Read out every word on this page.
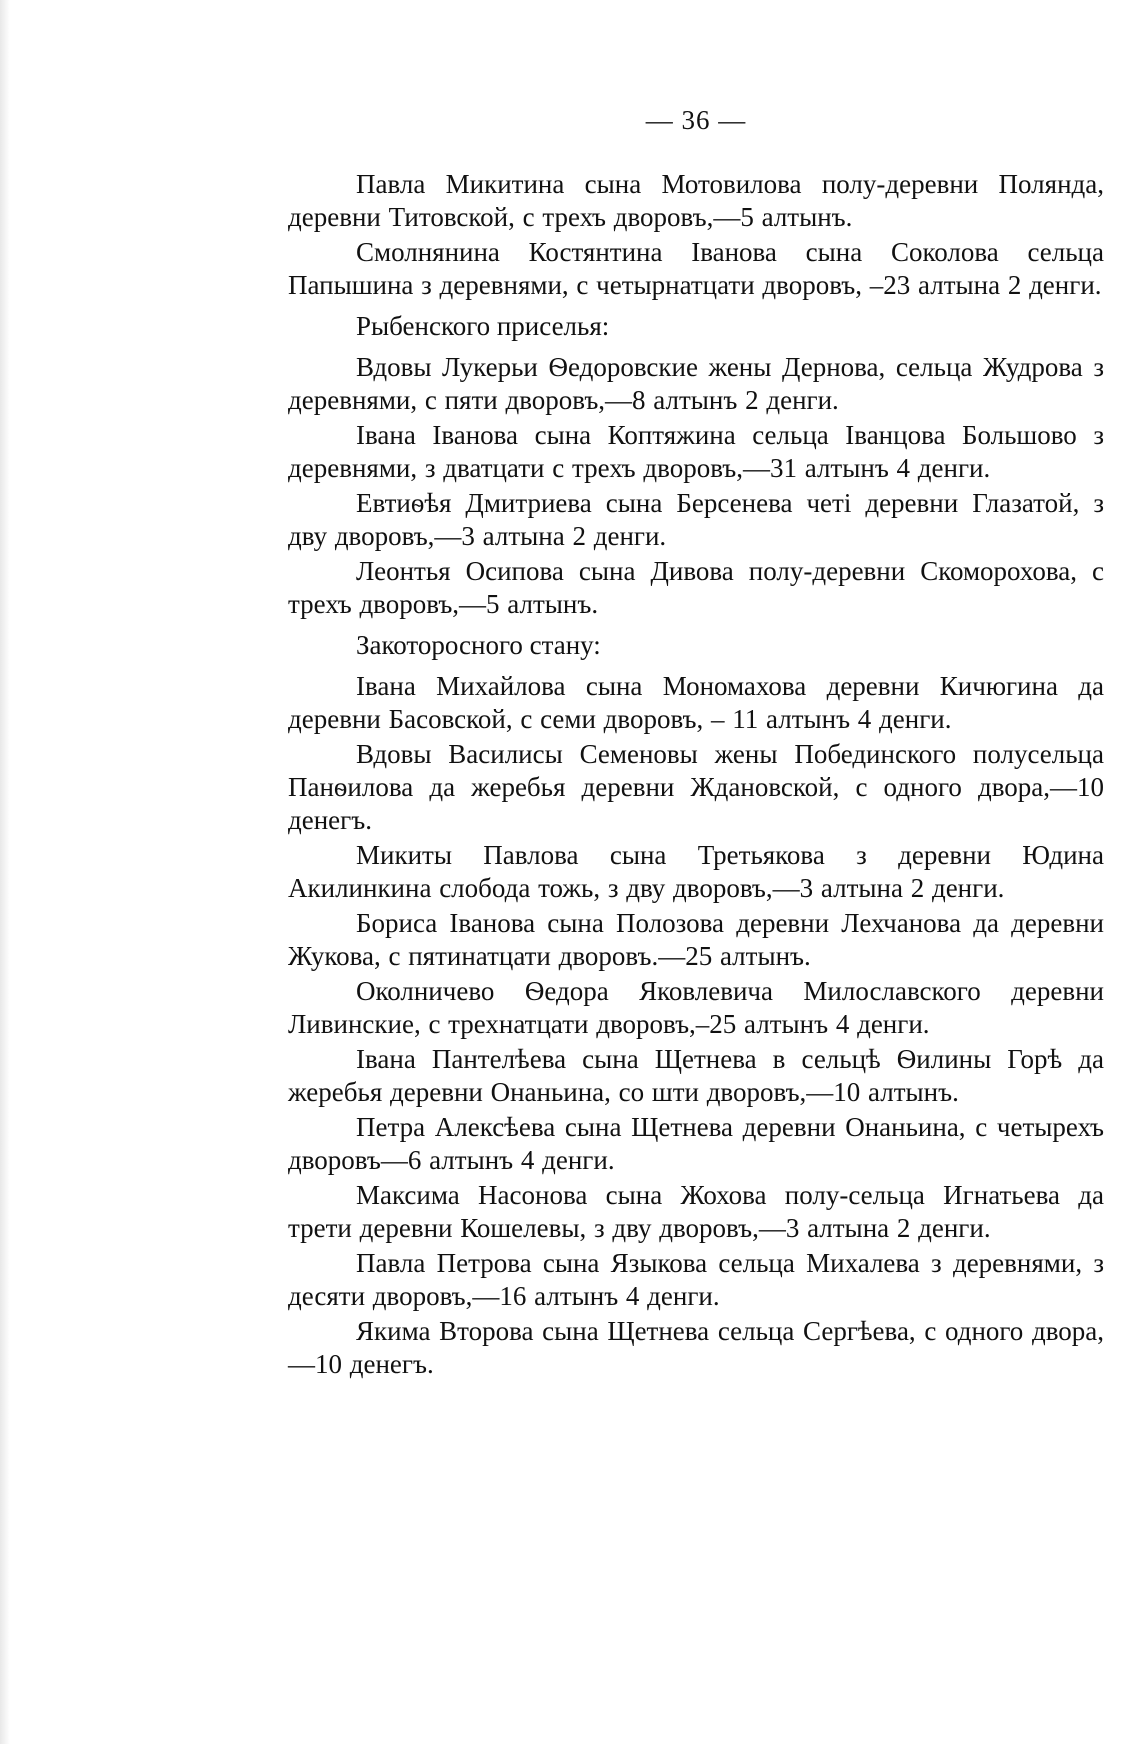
— 36 —

Павла Микитина сына Мотовилова полу-деревни Полянда, деревни Титовской, с трехъ дворовъ,—5 алтынъ.

Смолнянина Костянтина Іванова сына Соколова сельца Папышина з деревнями, с четырнатцати дворовъ, –23 алтына 2 денги.

Рыбенского приселья:

Вдовы Лукерьи Ѳедоровские жены Дернова, сельца Жудрова з деревнями, с пяти дворовъ,—8 алтынъ 2 денги.

Івана Іванова сына Коптяжина сельца Іванцова Большово з деревнями, з дватцати с трехъ дворовъ,—31 алтынъ 4 денги.

Евтиѳѣя Дмитриева сына Берсенева четі деревни Глазатой, з дву дворовъ,—3 алтына 2 денги.

Леонтья Осипова сына Дивова полу-деревни Скоморохова, с трехъ дворовъ,—5 алтынъ.

Закоторосного стану:

Івана Михайлова сына Мономахова деревни Кичюгина да деревни Басовской, с семи дворовъ, – 11 алтынъ 4 денги.

Вдовы Василисы Семеновы жены Побединского полусельца Панѳилова да жеребья деревни Ждановской, с одного двора,—10 денегъ.

Микиты Павлова сына Третьякова з деревни Юдина Акилинкина слобода тожь, з дву дворовъ,—3 алтына 2 денги.

Бориса Іванова сына Полозова деревни Лехчанова да деревни Жукова, с пятинатцати дворовъ.—25 алтынъ.

Околничево Ѳедора Яковлевича Милославского деревни Ливинские, с трехнатцати дворовъ,–25 алтынъ 4 денги.

Івана Пантелѣева сына Щетнева в сельцѣ Ѳилины Горѣ да жеребья деревни Онаньина, со шти дворовъ,—10 алтынъ.

Петра Алексѣева сына Щетнева деревни Онаньина, с четырехъ дворовъ—6 алтынъ 4 денги.

Максима Насонова сына Жохова полу-сельца Игнатьева да трети деревни Кошелевы, з дву дворовъ,—3 алтына 2 денги.

Павла Петрова сына Языкова сельца Михалева з деревнями, з десяти дворовъ,—16 алтынъ 4 денги.

Якима Второва сына Щетнева сельца Сергѣева, с одного двора,—10 денегъ.
